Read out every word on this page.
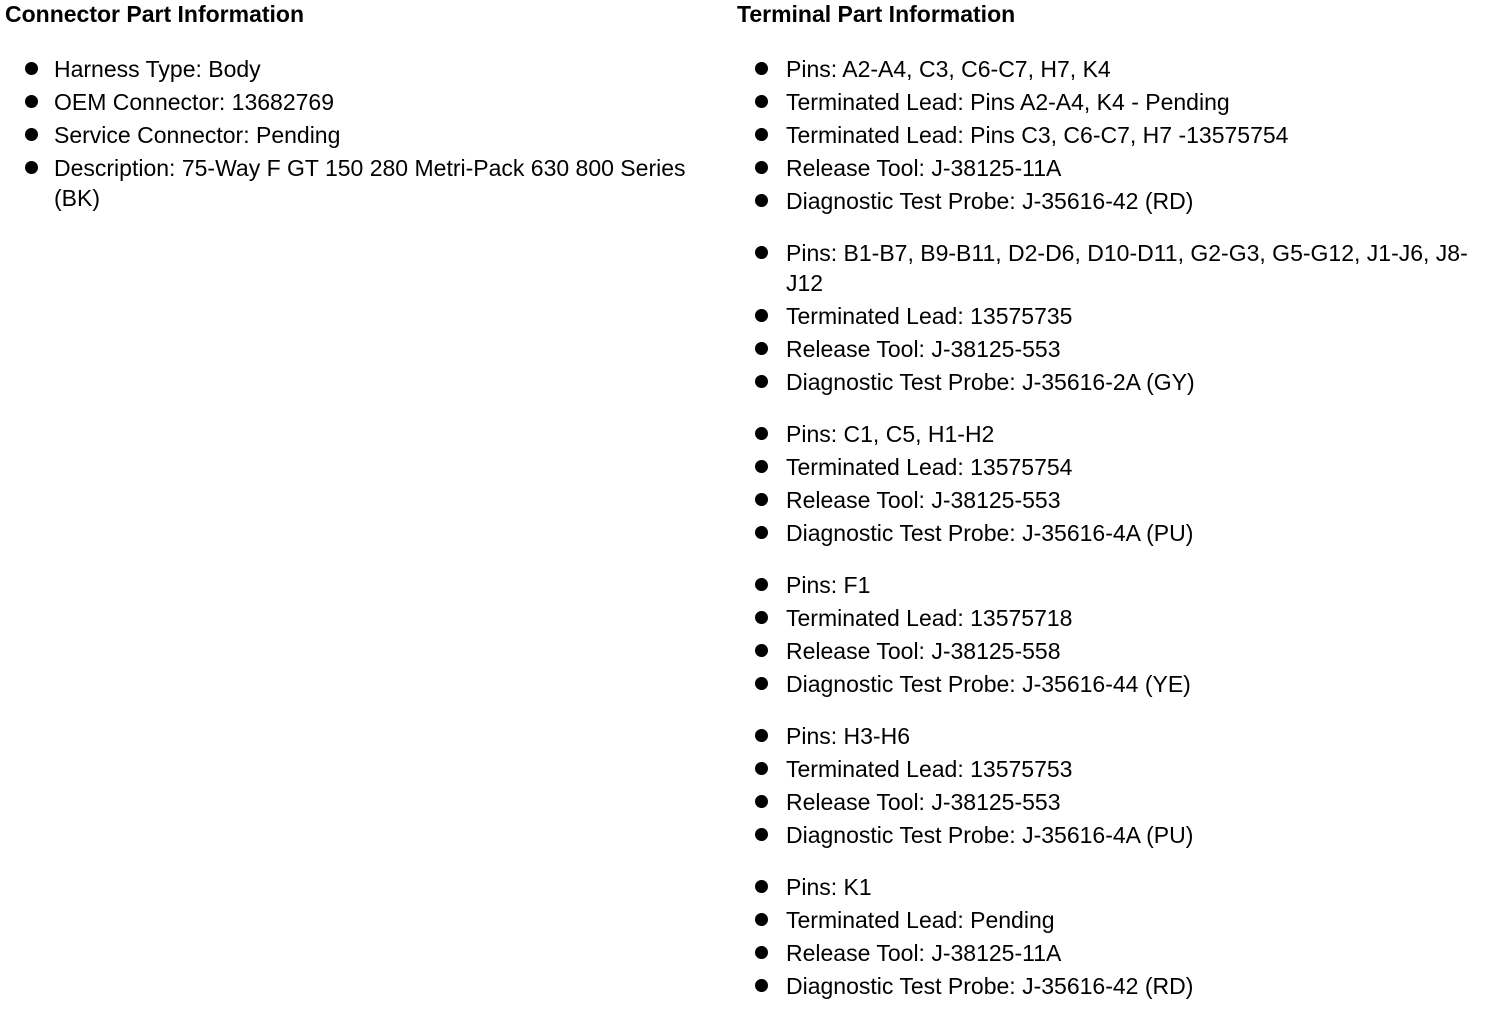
Connector Part Information
Harness Type: Body
OEM Connector: 13682769
Service Connector: Pending
Description: 75-Way F GT 150 280 Metri-Pack 630 800 Series (BK)
Terminal Part Information
Pins: A2-A4, C3, C6-C7, H7, K4
Terminated Lead: Pins A2-A4, K4 - Pending
Terminated Lead: Pins C3, C6-C7, H7 -13575754
Release Tool: J-38125-11A
Diagnostic Test Probe: J-35616-42 (RD)
Pins: B1-B7, B9-B11, D2-D6, D10-D11, G2-G3, G5-G12, J1-J6, J8-J12
Terminated Lead: 13575735
Release Tool: J-38125-553
Diagnostic Test Probe: J-35616-2A (GY)
Pins: C1, C5, H1-H2
Terminated Lead: 13575754
Release Tool: J-38125-553
Diagnostic Test Probe: J-35616-4A (PU)
Pins: F1
Terminated Lead: 13575718
Release Tool: J-38125-558
Diagnostic Test Probe: J-35616-44 (YE)
Pins: H3-H6
Terminated Lead: 13575753
Release Tool: J-38125-553
Diagnostic Test Probe: J-35616-4A (PU)
Pins: K1
Terminated Lead: Pending
Release Tool: J-38125-11A
Diagnostic Test Probe: J-35616-42 (RD)
